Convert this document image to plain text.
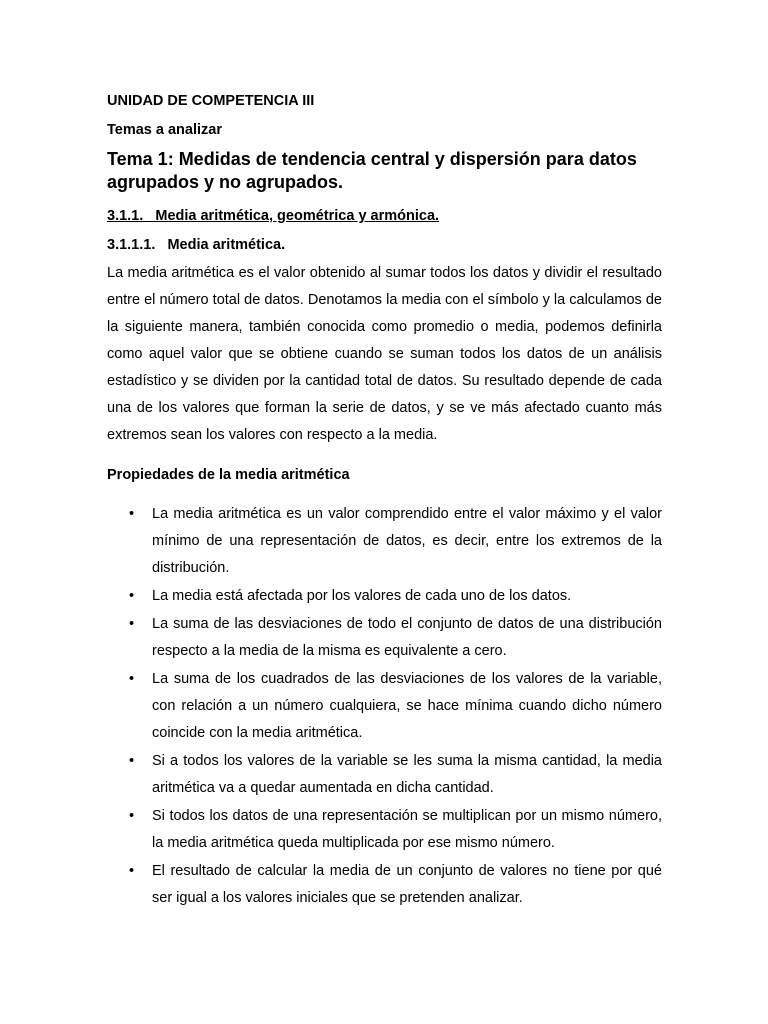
UNIDAD DE COMPETENCIA III

Temas a analizar

Tema 1: Medidas de tendencia central y dispersión para datos agrupados y no agrupados.
3.1.1.   Media aritmética, geométrica y armónica.
3.1.1.1.   Media aritmética.

La media aritmética es el valor obtenido al sumar todos los datos y dividir el resultado entre el número total de datos. Denotamos la media con el símbolo y la calculamos de la siguiente manera, también conocida como promedio o media, podemos definirla como aquel valor que se obtiene cuando se suman todos los datos de un análisis estadístico y se dividen por la cantidad total de datos. Su resultado depende de cada una de los valores que forman la serie de datos, y se ve más afectado cuanto más extremos sean los valores con respecto a la media.

Propiedades de la media aritmética

• La media aritmética es un valor comprendido entre el valor máximo y el valor mínimo de una representación de datos, es decir, entre los extremos de la distribución.
• La media está afectada por los valores de cada uno de los datos.
• La suma de las desviaciones de todo el conjunto de datos de una distribución respecto a la media de la misma es equivalente a cero.
• La suma de los cuadrados de las desviaciones de los valores de la variable, con relación a un número cualquiera, se hace mínima cuando dicho número coincide con la media aritmética.
• Si a todos los valores de la variable se les suma la misma cantidad, la media aritmética va a quedar aumentada en dicha cantidad.
• Si todos los datos de una representación se multiplican por un mismo número, la media aritmética queda multiplicada por ese mismo número.
• El resultado de calcular la media de un conjunto de valores no tiene por qué ser igual a los valores iniciales que se pretenden analizar.
